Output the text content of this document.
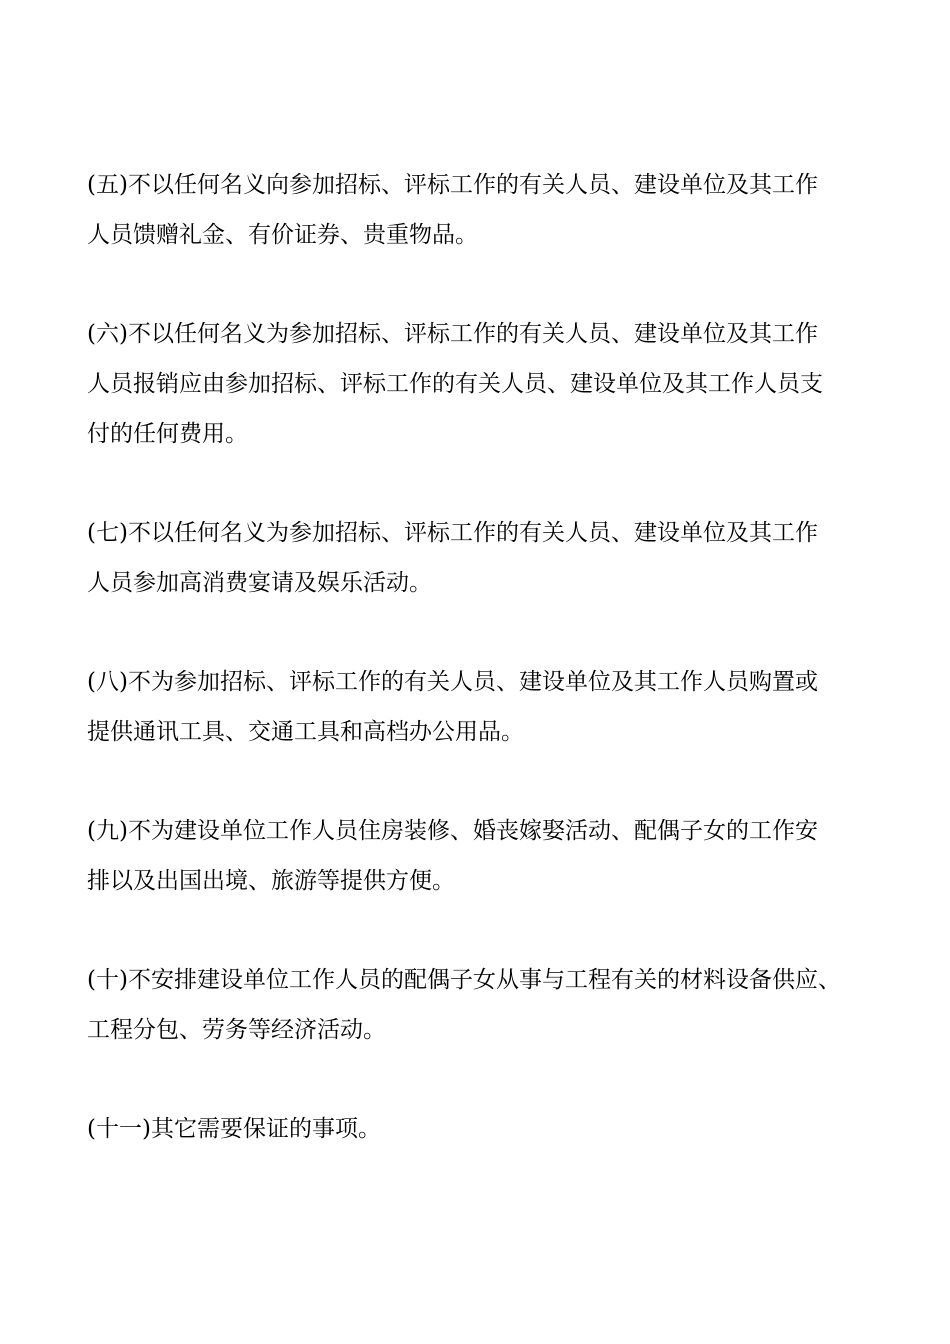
(五)不以任何名义向参加招标、评标工作的有关人员、建设单位及其工作
人员馈赠礼金、有价证券、贵重物品。

(六)不以任何名义为参加招标、评标工作的有关人员、建设单位及其工作
人员报销应由参加招标、评标工作的有关人员、建设单位及其工作人员支
付的任何费用。

(七)不以任何名义为参加招标、评标工作的有关人员、建设单位及其工作
人员参加高消费宴请及娱乐活动。

(八)不为参加招标、评标工作的有关人员、建设单位及其工作人员购置或
提供通讯工具、交通工具和高档办公用品。

(九)不为建设单位工作人员住房装修、婚丧嫁娶活动、配偶子女的工作安
排以及出国出境、旅游等提供方便。

(十)不安排建设单位工作人员的配偶子女从事与工程有关的材料设备供应、
工程分包、劳务等经济活动。

(十一)其它需要保证的事项。
